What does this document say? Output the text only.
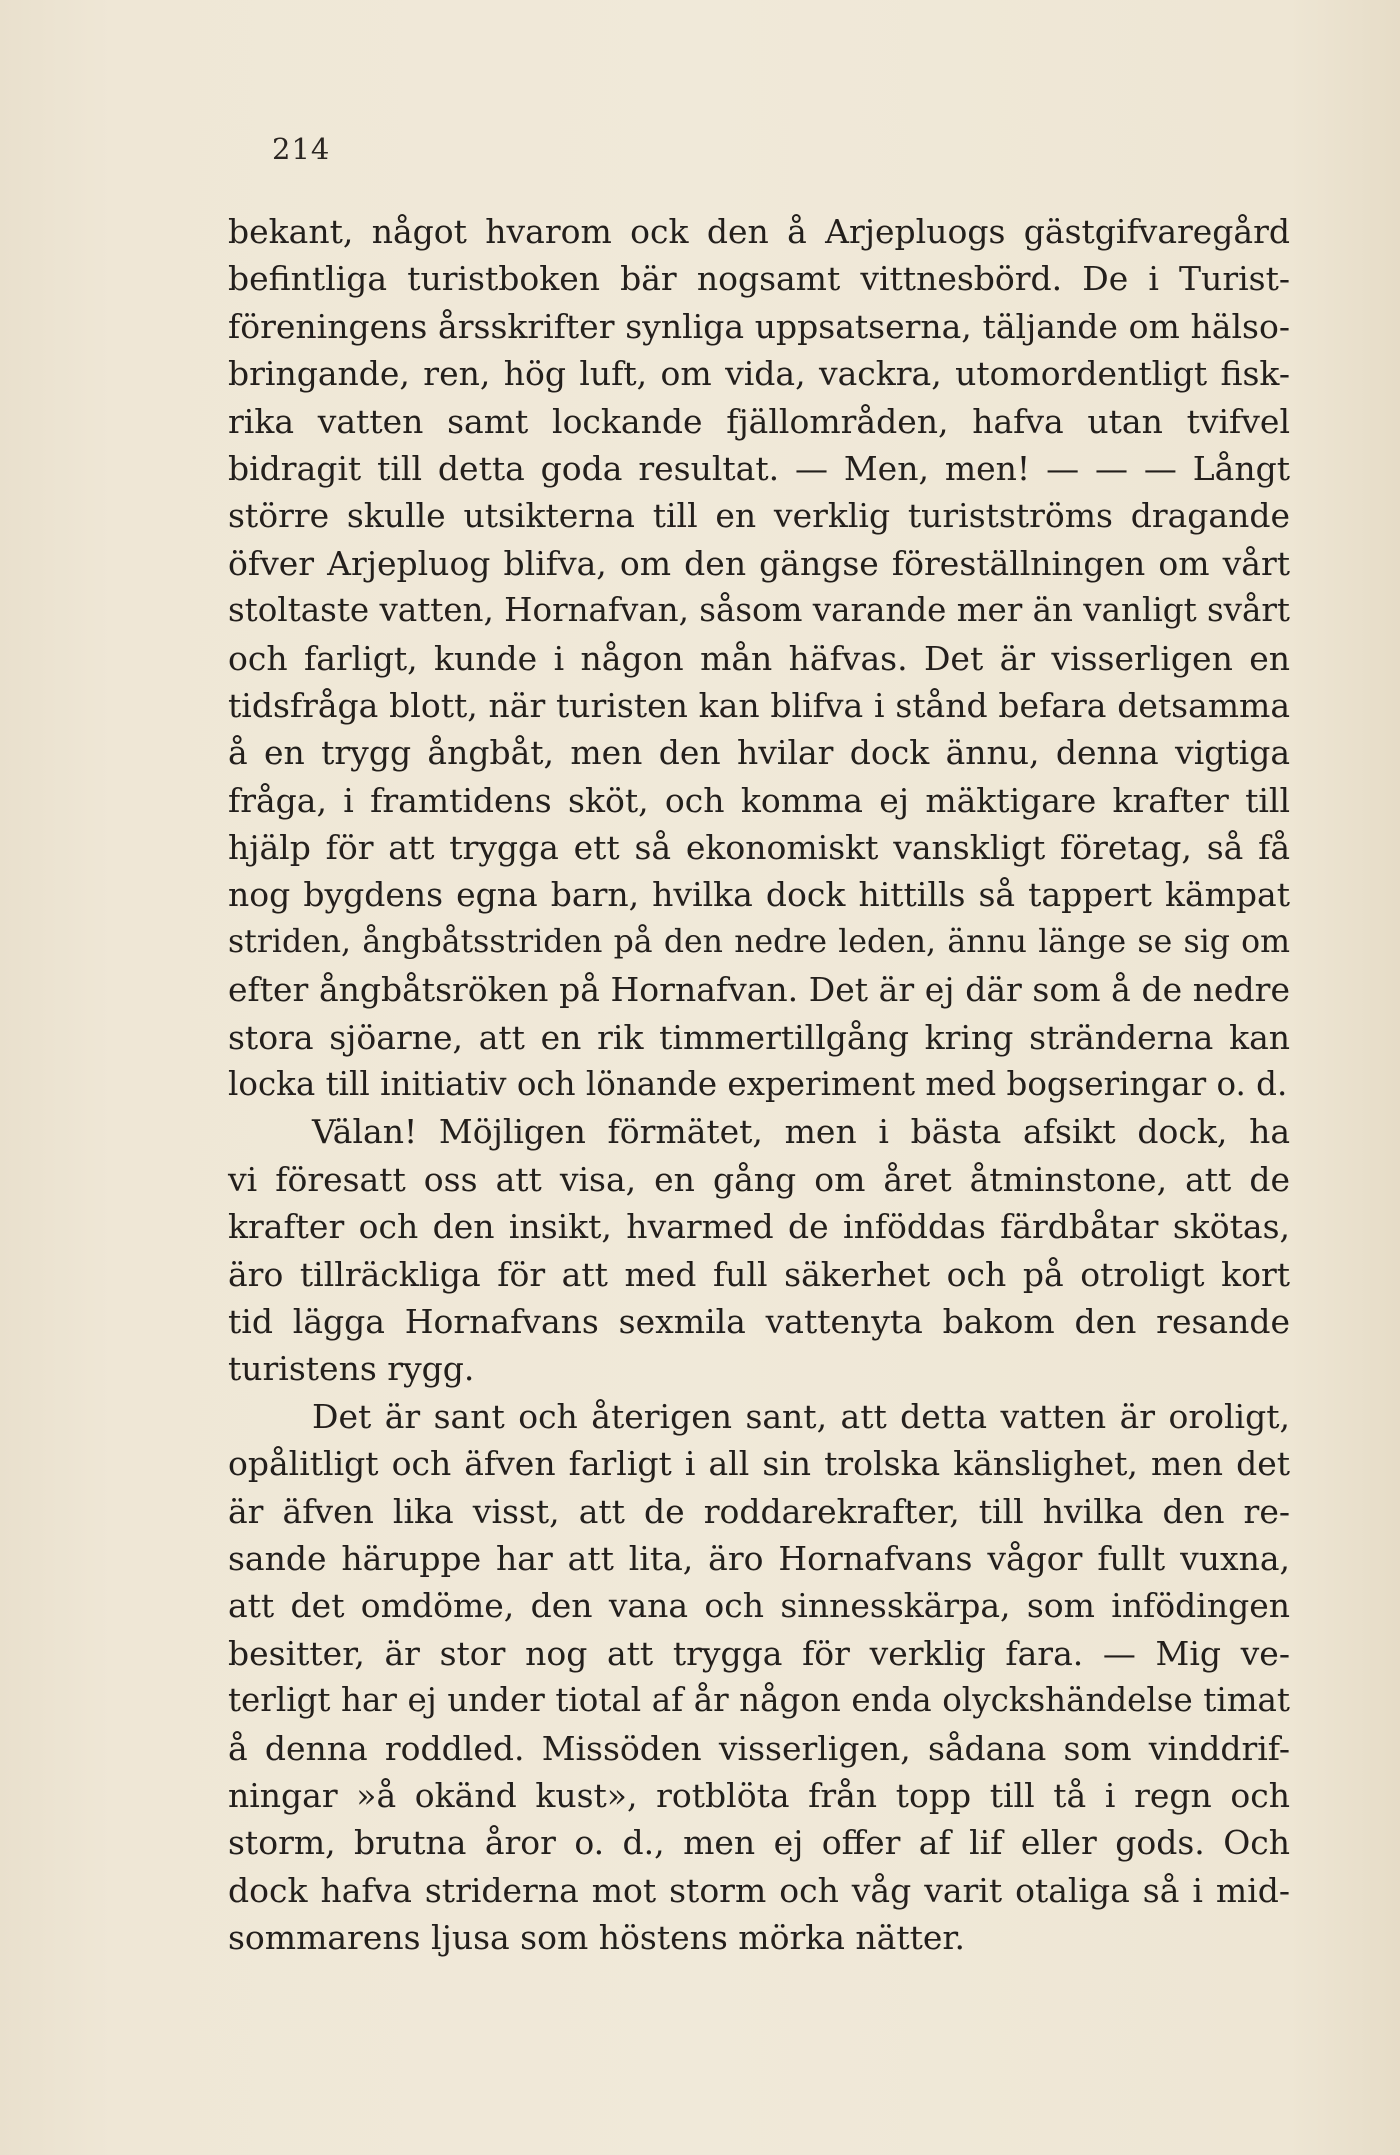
214
bekant, något hvarom ock den å Arjepluogs gästgifvaregård
befintliga turistboken bär nogsamt vittnesbörd. De i Turist-
föreningens årsskrifter synliga uppsatserna, täljande om hälso-
bringande, ren, hög luft, om vida, vackra, utomordentligt fisk-
rika vatten samt lockande fjällområden, hafva utan tvifvel
bidragit till detta goda resultat. — Men, men! — — — Långt
större skulle utsikterna till en verklig turistströms dragande
öfver Arjepluog blifva, om den gängse föreställningen om vårt
stoltaste vatten, Hornafvan, såsom varande mer än vanligt svårt
och farligt, kunde i någon mån häfvas. Det är visserligen en
tidsfråga blott, när turisten kan blifva i stånd befara detsamma
å en trygg ångbåt, men den hvilar dock ännu, denna vigtiga
fråga, i framtidens sköt, och komma ej mäktigare krafter till
hjälp för att trygga ett så ekonomiskt vanskligt företag, så få
nog bygdens egna barn, hvilka dock hittills så tappert kämpat
striden, ångbåtsstriden på den nedre leden, ännu länge se sig om
efter ångbåtsröken på Hornafvan. Det är ej där som å de nedre
stora sjöarne, att en rik timmertillgång kring stränderna kan
locka till initiativ och lönande experiment med bogseringar o. d.
Välan! Möjligen förmätet, men i bästa afsikt dock, ha
vi föresatt oss att visa, en gång om året åtminstone, att de
krafter och den insikt, hvarmed de inföddas färdbåtar skötas,
äro tillräckliga för att med full säkerhet och på otroligt kort
tid lägga Hornafvans sexmila vattenyta bakom den resande
turistens rygg.
Det är sant och återigen sant, att detta vatten är oroligt,
opålitligt och äfven farligt i all sin trolska känslighet, men det
är äfven lika visst, att de roddarekrafter, till hvilka den re-
sande häruppe har att lita, äro Hornafvans vågor fullt vuxna,
att det omdöme, den vana och sinnesskärpa, som infödingen
besitter, är stor nog att trygga för verklig fara. — Mig ve-
terligt har ej under tiotal af år någon enda olyckshändelse timat
å denna roddled. Missöden visserligen, sådana som vinddrif-
ningar »å okänd kust», rotblöta från topp till tå i regn och
storm, brutna åror o. d., men ej offer af lif eller gods. Och
dock hafva striderna mot storm och våg varit otaliga så i mid-
sommarens ljusa som höstens mörka nätter.
